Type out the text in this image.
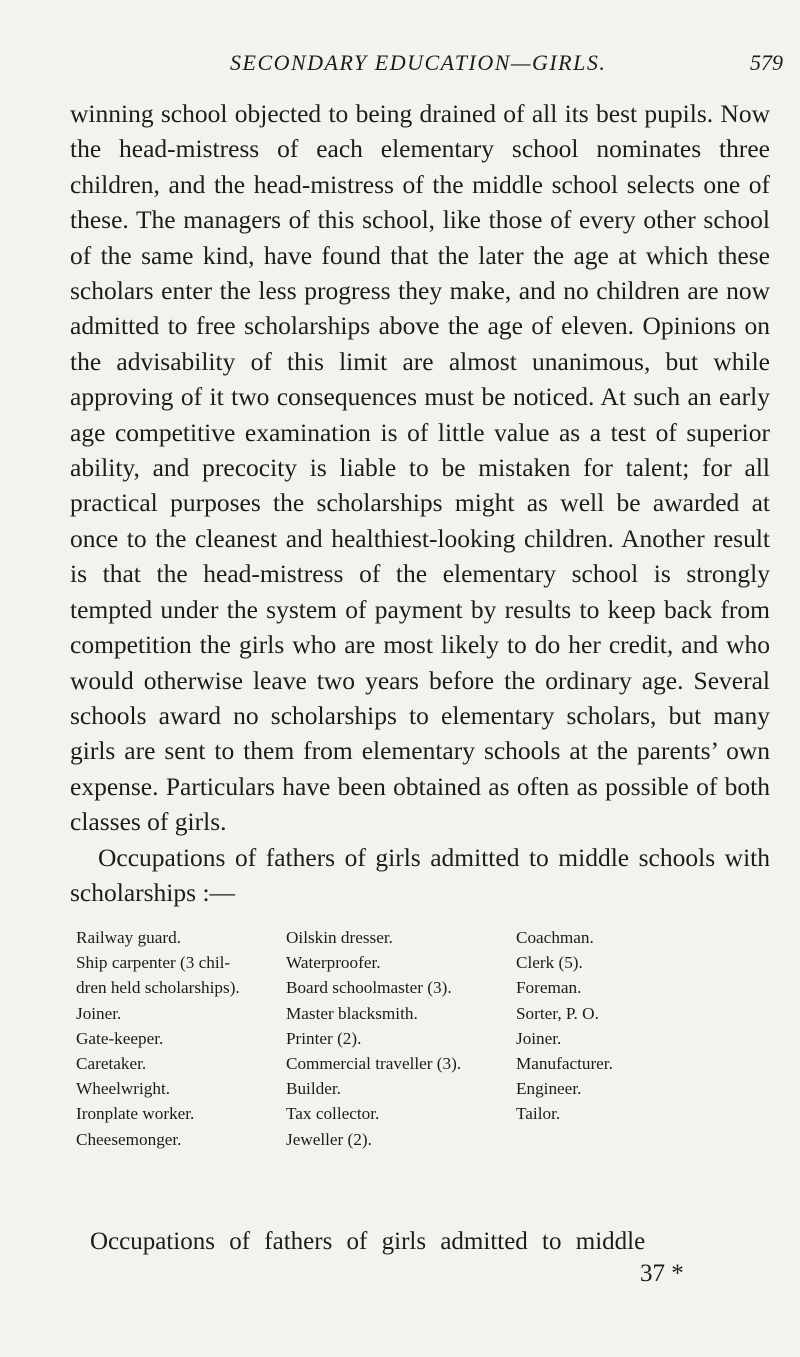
SECONDARY EDUCATION—GIRLS.	579

winning school objected to being drained of all its best pupils. Now the head-mistress of each elementary school nominates three children, and the head-mistress of the middle school selects one of these. The managers of this school, like those of every other school of the same kind, have found that the later the age at which these scholars enter the less progress they make, and no children are now admitted to free scholarships above the age of eleven. Opinions on the advisability of this limit are almost unanimous, but while approving of it two consequences must be noticed. At such an early age competitive examination is of little value as a test of superior ability, and precocity is liable to be mistaken for talent; for all practical purposes the scholarships might as well be awarded at once to the cleanest and healthiest-looking children. Another result is that the head-mistress of the elementary school is strongly tempted under the system of payment by results to keep back from competition the girls who are most likely to do her credit, and who would otherwise leave two years before the ordinary age. Several schools award no scholarships to elementary scholars, but many girls are sent to them from elementary schools at the parents’ own expense. Particulars have been obtained as often as possible of both classes of girls.

Occupations of fathers of girls admitted to middle schools with scholarships :—

Railway guard.
Ship carpenter (3 chil-
dren held scholarships).
Joiner.
Gate-keeper.
Caretaker.
Wheelwright.
Ironplate worker.
Cheesemonger.
Oilskin dresser.
Waterproofer.
Board schoolmaster (3).
Master blacksmith.
Printer (2).
Commercial traveller (3).
Builder.
Tax collector.
Jeweller (2).
Coachman.
Clerk (5).
Foreman.
Sorter, P. O.
Joiner.
Manufacturer.
Engineer.
Tailor.
Occupations of fathers of girls admitted to middle
37 *
